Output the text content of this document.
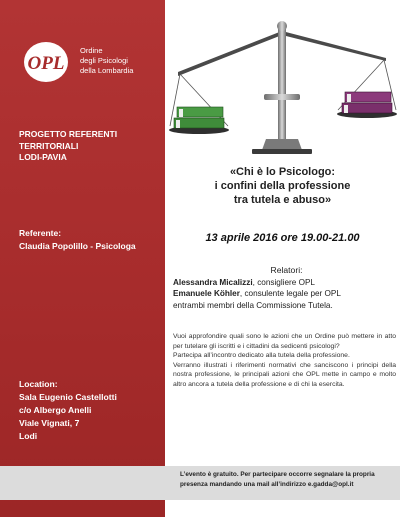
OPL
Ordine
degli Psicologi
della Lombardia
PROGETTO REFERENTI
TERRITORIALI
LODI-PAVIA
Referente:
Claudia Popolillo - Psicologa
Location:
Sala Eugenio Castellotti
c/o Albergo Anelli
Viale Vignati, 7
Lodi
«Chi è lo Psicologo:
i confini della professione
tra tutela e abuso»
13 aprile 2016 ore 19.00-21.00
Relatori:
Alessandra Micalizzi, consigliere OPL
Emanuele Köhler, consulente legale per OPL
entrambi membri della Commissione Tutela.

Vuoi approfondire quali sono le azioni che un Ordine può mettere in atto per tutelare gli iscritti e i cittadini da sedicenti psicologi?

Partecipa all’incontro dedicato alla tutela della professione.

Verranno illustrati i riferimenti normativi che sanciscono i principi della nostra professione, le principali azioni che OPL mette in campo e molto altro ancora a tutela della professione e di chi la esercita.

L’evento è gratuito. Per partecipare occorre segnalare la propria presenza mandando una mail all’indirizzo e.gadda@opl.it
